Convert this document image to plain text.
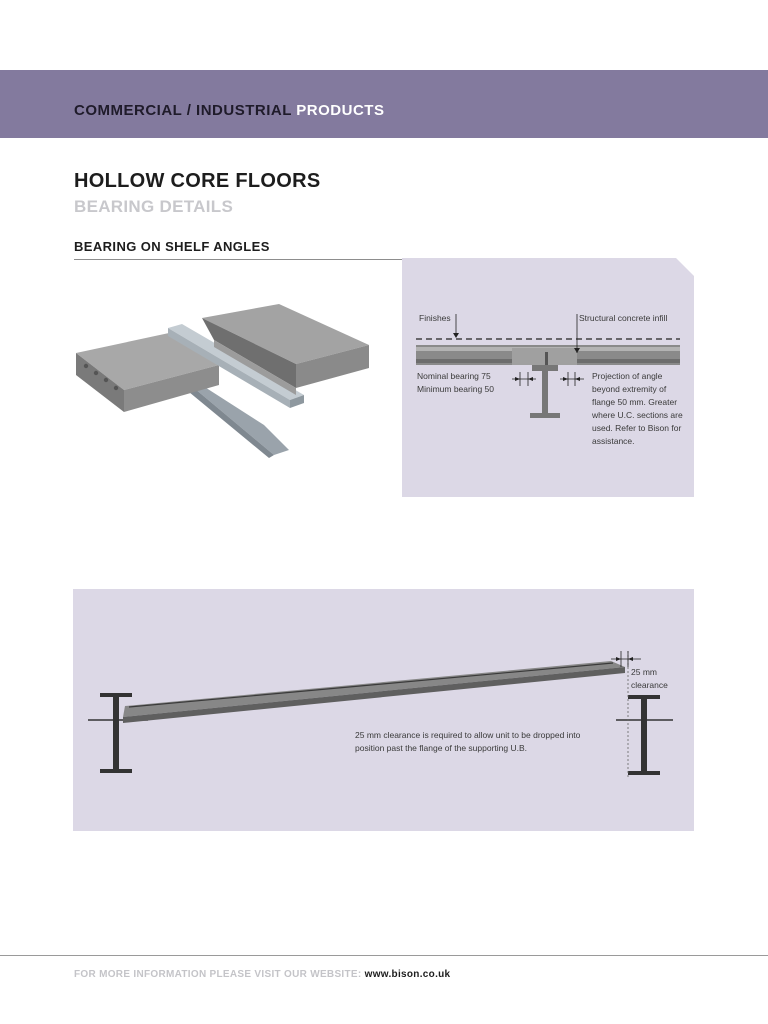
COMMERCIAL / INDUSTRIAL PRODUCTS
HOLLOW CORE FLOORS
BEARING DETAILS
BEARING ON SHELF ANGLES
Finishes	Structural concrete infill
Nominal bearing 75
Minimum bearing 50
Projection of angle beyond extremity of flange 50 mm. Greater where U.C. sections are used. Refer to Bison for assistance.
25 mm
clearance
25 mm clearance is required to allow unit to be dropped into position past the flange of the supporting U.B.
FOR MORE INFORMATION PLEASE VISIT OUR WEBSITE: www.bison.co.uk
